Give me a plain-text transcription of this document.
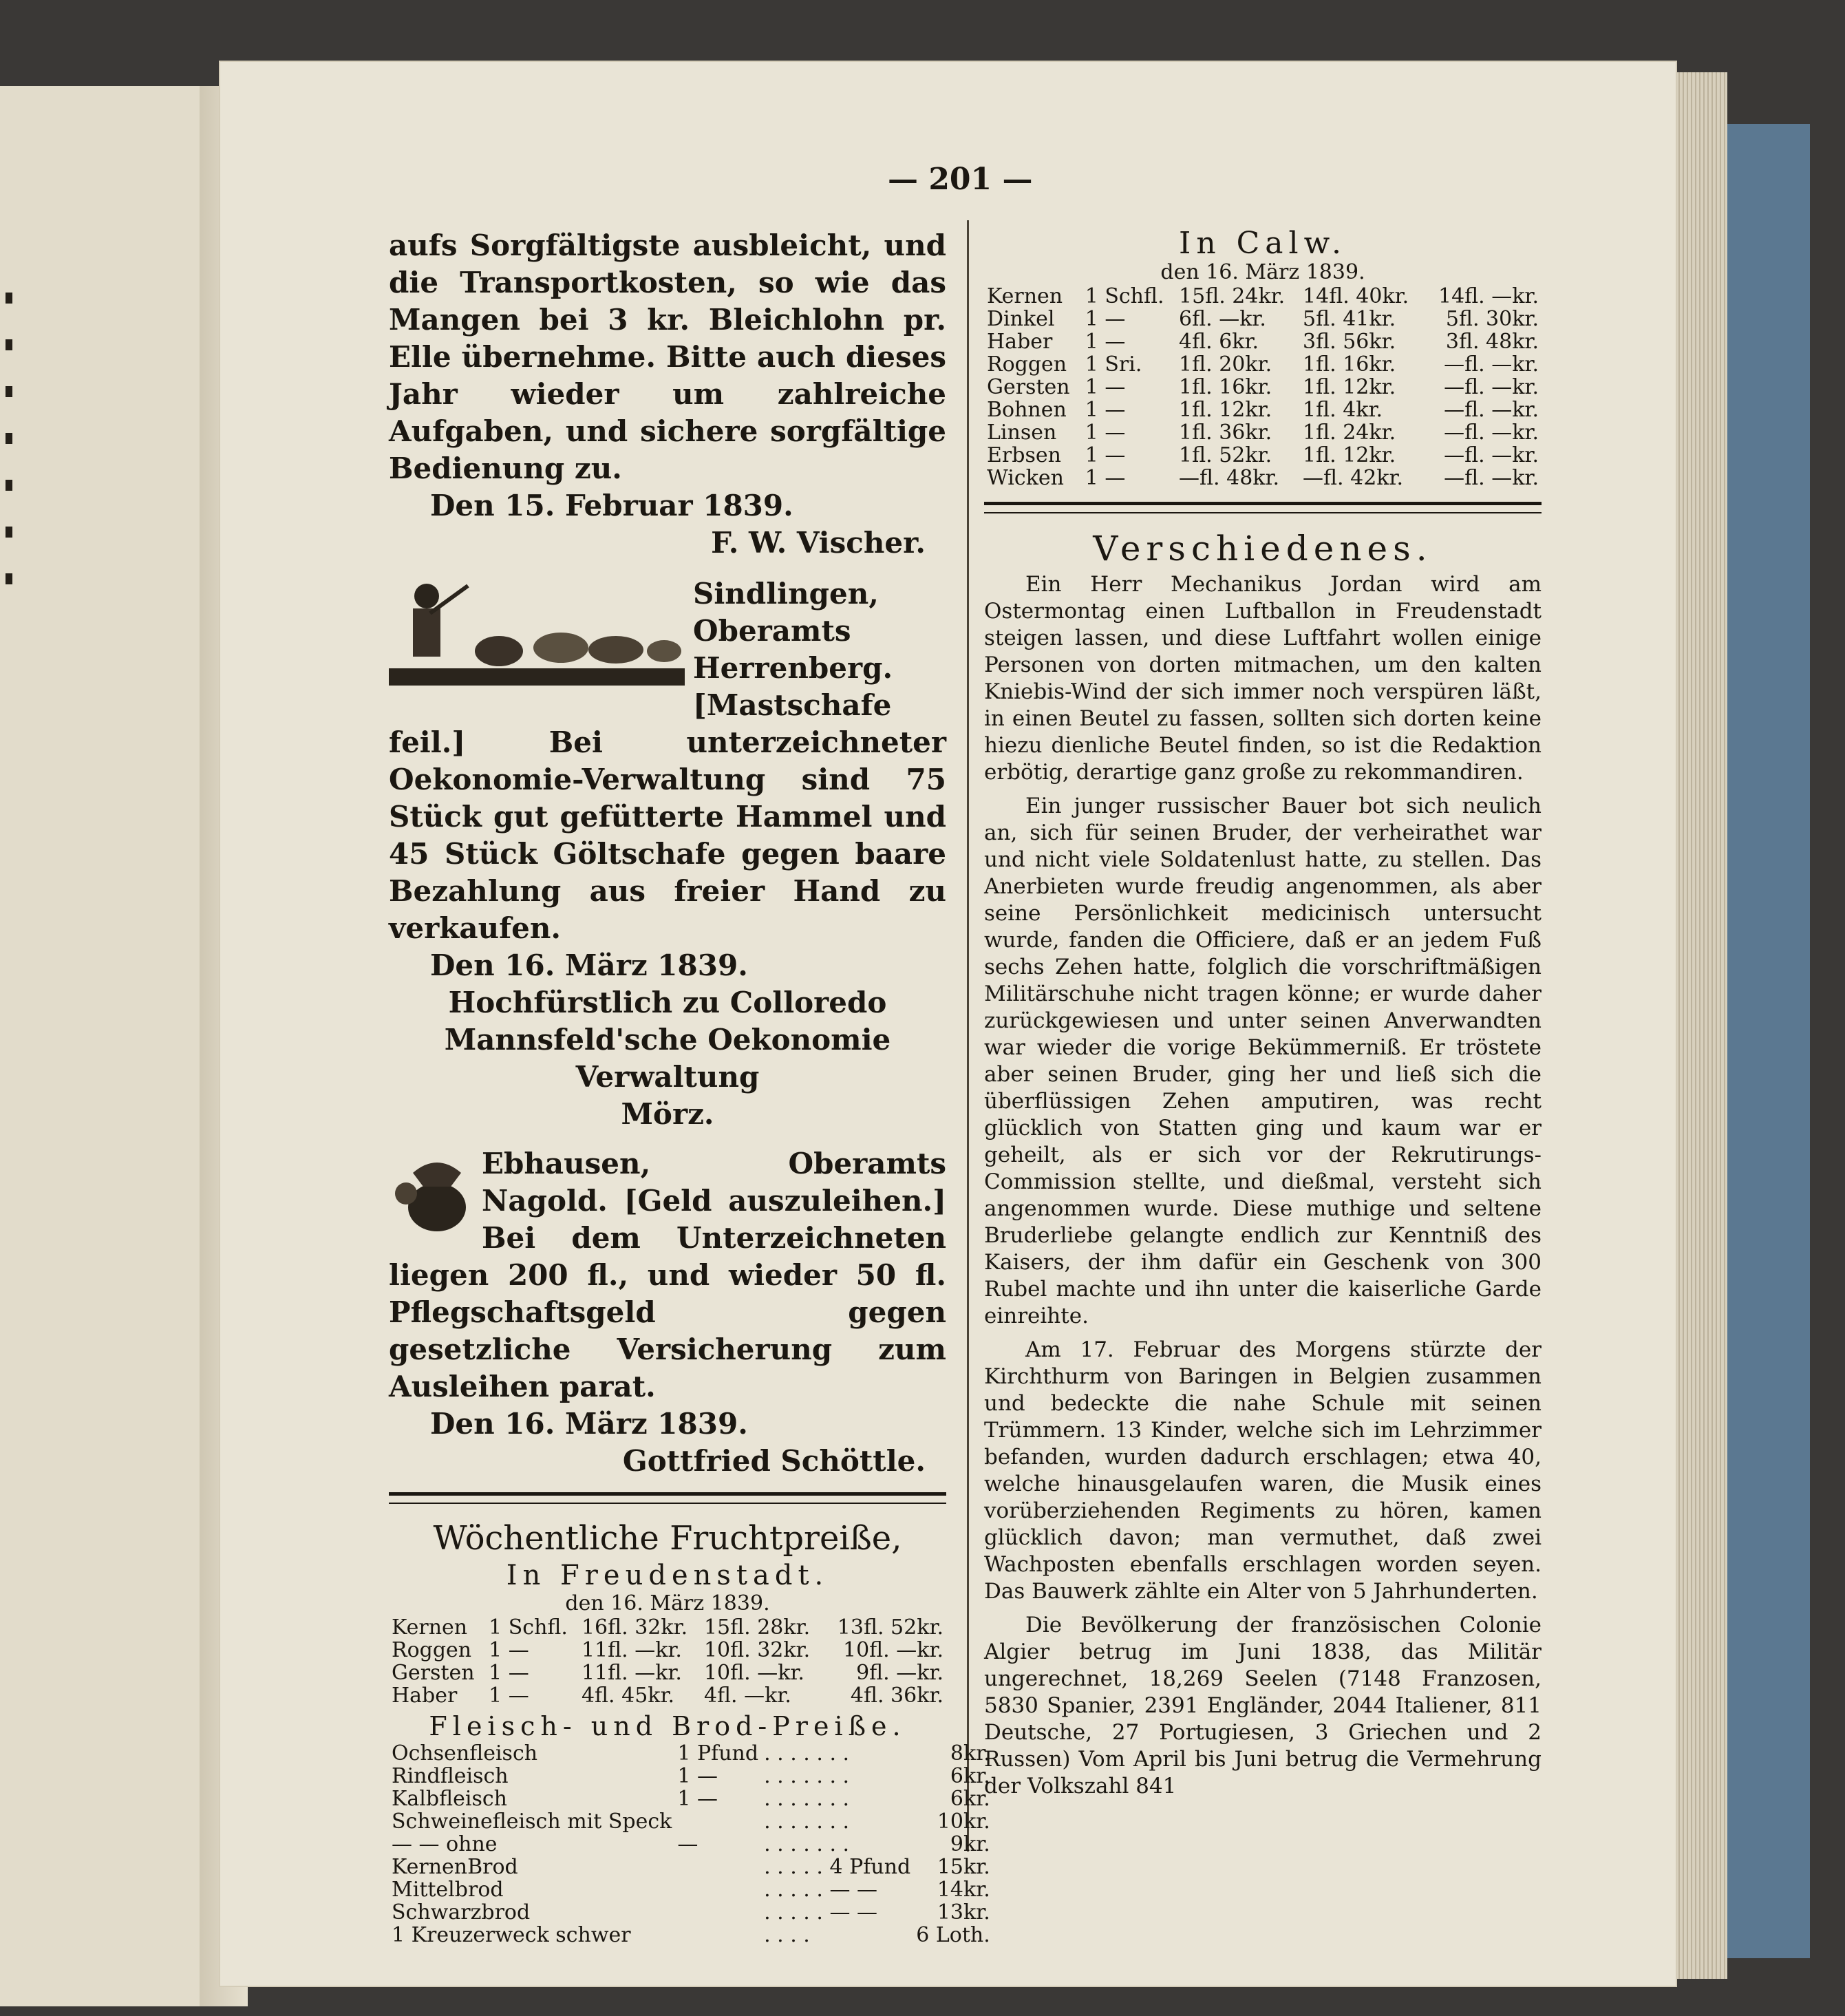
— 201 —

aufs Sorgfältigste ausbleicht, und die Transportkosten, so wie das Mangen bei 3 kr. Bleichlohn pr. Elle übernehme. Bitte auch dieses Jahr wieder um zahlreiche Aufgaben, und sichere sorgfältige Bedienung zu.

Den 15. Februar 1839.

F. W. Vischer.

Sindlingen, Oberamts Herrenberg. [Mastschafe feil.] Bei unterzeichneter Oekonomie-Verwaltung sind 75 Stück gut gefütterte Hammel und 45 Stück Göltschafe gegen baare Bezahlung aus freier Hand zu verkaufen.

Den 16. März 1839.

Hochfürstlich zu Colloredo Mannsfeld'sche Oekonomie Verwaltung

Mörz.

Ebhausen, Oberamts Nagold. [Geld auszuleihen.] Bei dem Unterzeichneten liegen 200 fl., und wieder 50 fl. Pflegschaftsgeld gegen gesetzliche Versicherung zum Ausleihen parat.

Den 16. März 1839.

Gottfried Schöttle.

Wöchentliche Fruchtpreiße,

In Freudenstadt.

den 16. März 1839.

Kernen	1 Schfl.	16fl. 32kr.	15fl. 28kr.	13fl. 52kr.
Roggen	1 —	11fl. —kr.	10fl. 32kr.	10fl. —kr.
Gersten	1 —	11fl. —kr.	10fl. —kr.	9fl. —kr.
Haber	1 —	4fl. 45kr.	4fl. —kr.	4fl. 36kr.

Fleisch- und Brod-Preiße.

Ochsenfleisch	1 Pfund	. . . . . . .	8kr.
Rindfleisch	1 —	. . . . . . .	6kr.
Kalbfleisch	1 —	. . . . . . .	6kr.
Schweinefleisch mit Speck		. . . . . . .	10kr.
— — ohne	—	. . . . . . .	9kr.
KernenBrod		. . . . . 4 Pfund	15kr.
Mittelbrod		. . . . . — —	14kr.
Schwarzbrod		. . . . . — —	13kr.
1 Kreuzerweck schwer		. . . .	6 Loth.

In Calw.

den 16. März 1839.

Kernen	1 Schfl.	15fl. 24kr.	14fl. 40kr.	14fl. —kr.
Dinkel	1 —	6fl. —kr.	5fl. 41kr.	5fl. 30kr.
Haber	1 —	4fl. 6kr.	3fl. 56kr.	3fl. 48kr.
Roggen	1 Sri.	1fl. 20kr.	1fl. 16kr.	—fl. —kr.
Gersten	1 —	1fl. 16kr.	1fl. 12kr.	—fl. —kr.
Bohnen	1 —	1fl. 12kr.	1fl. 4kr.	—fl. —kr.
Linsen	1 —	1fl. 36kr.	1fl. 24kr.	—fl. —kr.
Erbsen	1 —	1fl. 52kr.	1fl. 12kr.	—fl. —kr.
Wicken	1 —	—fl. 48kr.	—fl. 42kr.	—fl. —kr.

Verschiedenes.

Ein Herr Mechanikus Jordan wird am Ostermontag einen Luftballon in Freudenstadt steigen lassen, und diese Luftfahrt wollen einige Personen von dorten mitmachen, um den kalten Kniebis-Wind der sich immer noch verspüren läßt, in einen Beutel zu fassen, sollten sich dorten keine hiezu dienliche Beutel finden, so ist die Redaktion erbötig, derartige ganz große zu rekommandiren.

Ein junger russischer Bauer bot sich neulich an, sich für seinen Bruder, der verheirathet war und nicht viele Soldatenlust hatte, zu stellen. Das Anerbieten wurde freudig angenommen, als aber seine Persönlichkeit medicinisch untersucht wurde, fanden die Officiere, daß er an jedem Fuß sechs Zehen hatte, folglich die vorschriftmäßigen Militärschuhe nicht tragen könne; er wurde daher zurückgewiesen und unter seinen Anverwandten war wieder die vorige Bekümmerniß. Er tröstete aber seinen Bruder, ging her und ließ sich die überflüssigen Zehen amputiren, was recht glücklich von Statten ging und kaum war er geheilt, als er sich vor der Rekrutirungs-Commission stellte, und dießmal, versteht sich angenommen wurde. Diese muthige und seltene Bruderliebe gelangte endlich zur Kenntniß des Kaisers, der ihm dafür ein Geschenk von 300 Rubel machte und ihn unter die kaiserliche Garde einreihte.

Am 17. Februar des Morgens stürzte der Kirchthurm von Baringen in Belgien zusammen und bedeckte die nahe Schule mit seinen Trümmern. 13 Kinder, welche sich im Lehrzimmer befanden, wurden dadurch erschlagen; etwa 40, welche hinausgelaufen waren, die Musik eines vorüberziehenden Regiments zu hören, kamen glücklich davon; man vermuthet, daß zwei Wachposten ebenfalls erschlagen worden seyen. Das Bauwerk zählte ein Alter von 5 Jahrhunderten.

Die Bevölkerung der französischen Colonie Algier betrug im Juni 1838, das Militär ungerechnet, 18,269 Seelen (7148 Franzosen, 5830 Spanier, 2391 Engländer, 2044 Italiener, 811 Deutsche, 27 Portugiesen, 3 Griechen und 2 Russen) Vom April bis Juni betrug die Vermehrung der Volkszahl 841
